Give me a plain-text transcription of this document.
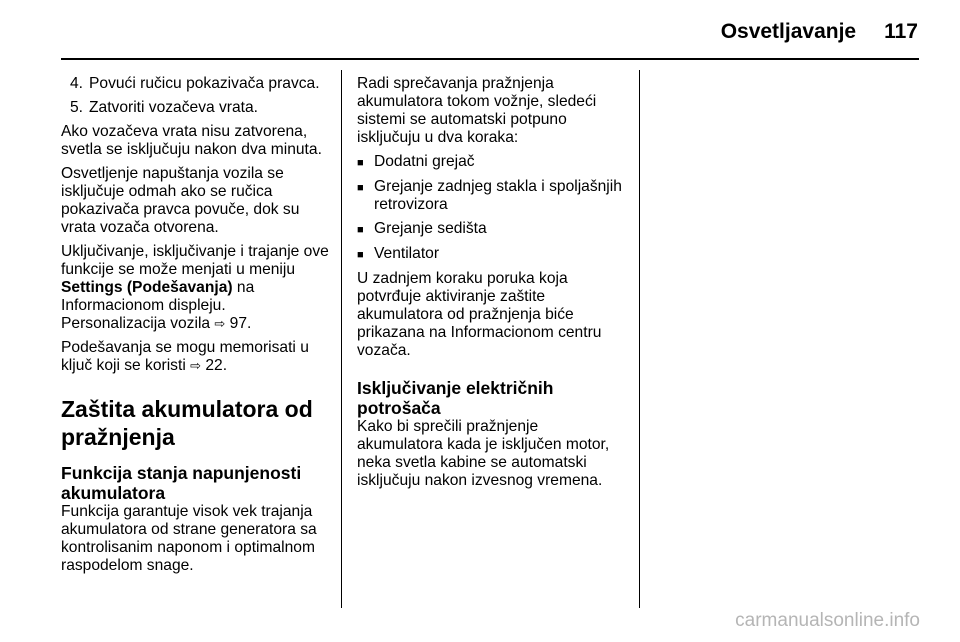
Osvetljavanje 117
4. Povući ručicu pokazivača pravca.
5. Zatvoriti vozačeva vrata.

Ako vozačeva vrata nisu zatvorena, svetla se isključuju nakon dva minuta.

Osvetljenje napuštanja vozila se isključuje odmah ako se ručica pokazivača pravca povuče, dok su vrata vozača otvorena.

Uključivanje, isključivanje i trajanje ove funkcije se može menjati u meniju Settings (Podešavanja) na Informacionom displeju.
Personalizacija vozila ⇨ 97.

Podešavanja se mogu memorisati u ključ koji se koristi ⇨ 22.

Zaštita akumulatora od pražnjenja
Funkcija stanja napunjenosti akumulatora

Funkcija garantuje visok vek trajanja akumulatora od strane generatora sa kontrolisanim naponom i optimalnom raspodelom snage.

Radi sprečavanja pražnjenja akumulatora tokom vožnje, sledeći sistemi se automatski potpuno isključuju u dva koraka:

■ Dodatni grejač
■ Grejanje zadnjeg stakla i spoljašnjih retrovizora
■ Grejanje sedišta
■ Ventilator

U zadnjem koraku poruka koja potvrđuje aktiviranje zaštite akumulatora od pražnjenja biće prikazana na Informacionom centru vozača.

Isključivanje električnih potrošača

Kako bi sprečili pražnjenje akumulatora kada je isključen motor, neka svetla kabine se automatski isključuju nakon izvesnog vremena.

carmanualsonline.info
